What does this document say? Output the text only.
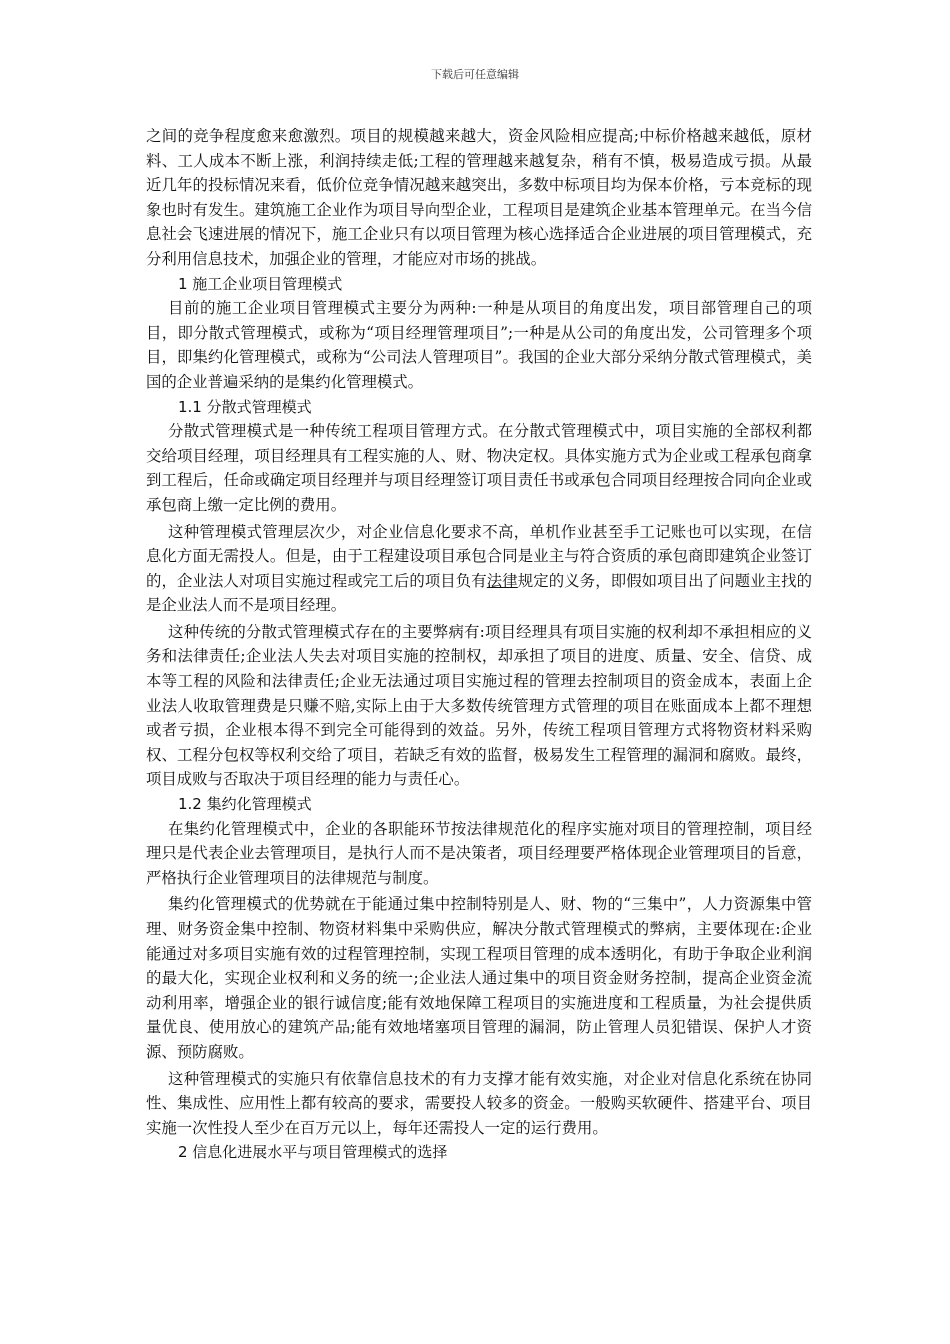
下载后可任意编辑

之间的竞争程度愈来愈激烈。项目的规模越来越大，资金风险相应提高;中标价格越来越低，原材料、工人成本不断上涨，利润持续走低;工程的管理越来越复杂，稍有不慎，极易造成亏损。从最近几年的投标情况来看，低价位竞争情况越来越突出，多数中标项目均为保本价格，亏本竞标的现象也时有发生。建筑施工企业作为项目导向型企业，工程项目是建筑企业基本管理单元。在当今信息社会飞速进展的情况下，施工企业只有以项目管理为核心选择适合企业进展的项目管理模式，充分利用信息技术，加强企业的管理，才能应对市场的挑战。

1 施工企业项目管理模式

目前的施工企业项目管理模式主要分为两种:一种是从项目的角度出发，项目部管理自己的项目，即分散式管理模式，或称为“项目经理管理项目”;一种是从公司的角度出发，公司管理多个项目，即集约化管理模式，或称为“公司法人管理项目”。我国的企业大部分采纳分散式管理模式，美国的企业普遍采纳的是集约化管理模式。

1.1 分散式管理模式

分散式管理模式是一种传统工程项目管理方式。在分散式管理模式中，项目实施的全部权利都交给项目经理，项目经理具有工程实施的人、财、物决定权。具体实施方式为企业或工程承包商拿到工程后，任命或确定项目经理并与项目经理签订项目责任书或承包合同项目经理按合同向企业或承包商上缴一定比例的费用。

这种管理模式管理层次少，对企业信息化要求不高，单机作业甚至手工记账也可以实现，在信息化方面无需投人。但是，由于工程建设项目承包合同是业主与符合资质的承包商即建筑企业签订的，企业法人对项目实施过程或完工后的项目负有法律规定的义务，即假如项目出了问题业主找的是企业法人而不是项目经理。

这种传统的分散式管理模式存在的主要弊病有:项目经理具有项目实施的权利却不承担相应的义务和法律责任;企业法人失去对项目实施的控制权，却承担了项目的进度、质量、安全、信贷、成本等工程的风险和法律责任;企业无法通过项目实施过程的管理去控制项目的资金成本，表面上企业法人收取管理费是只赚不赔,实际上由于大多数传统管理方式管理的项目在账面成本上都不理想或者亏损，企业根本得不到完全可能得到的效益。另外，传统工程项目管理方式将物资材料采购权、工程分包权等权利交给了项目，若缺乏有效的监督，极易发生工程管理的漏洞和腐败。最终，项目成败与否取决于项目经理的能力与责任心。

1.2 集约化管理模式

在集约化管理模式中，企业的各职能环节按法律规范化的程序实施对项目的管理控制，项目经理只是代表企业去管理项目，是执行人而不是决策者，项目经理要严格体现企业管理项目的旨意，严格执行企业管理项目的法律规范与制度。

集约化管理模式的优势就在于能通过集中控制特别是人、财、物的“三集中”，人力资源集中管理、财务资金集中控制、物资材料集中采购供应，解决分散式管理模式的弊病，主要体现在:企业能通过对多项目实施有效的过程管理控制，实现工程项目管理的成本透明化，有助于争取企业利润的最大化，实现企业权利和义务的统一;企业法人通过集中的项目资金财务控制，提高企业资金流动利用率，增强企业的银行诚信度;能有效地保障工程项目的实施进度和工程质量，为社会提供质量优良、使用放心的建筑产品;能有效地堵塞项目管理的漏洞，防止管理人员犯错误、保护人才资源、预防腐败。

这种管理模式的实施只有依靠信息技术的有力支撑才能有效实施，对企业对信息化系统在协同性、集成性、应用性上都有较高的要求，需要投人较多的资金。一般购买软硬件、搭建平台、项目实施一次性投人至少在百万元以上，每年还需投人一定的运行费用。

2 信息化进展水平与项目管理模式的选择
